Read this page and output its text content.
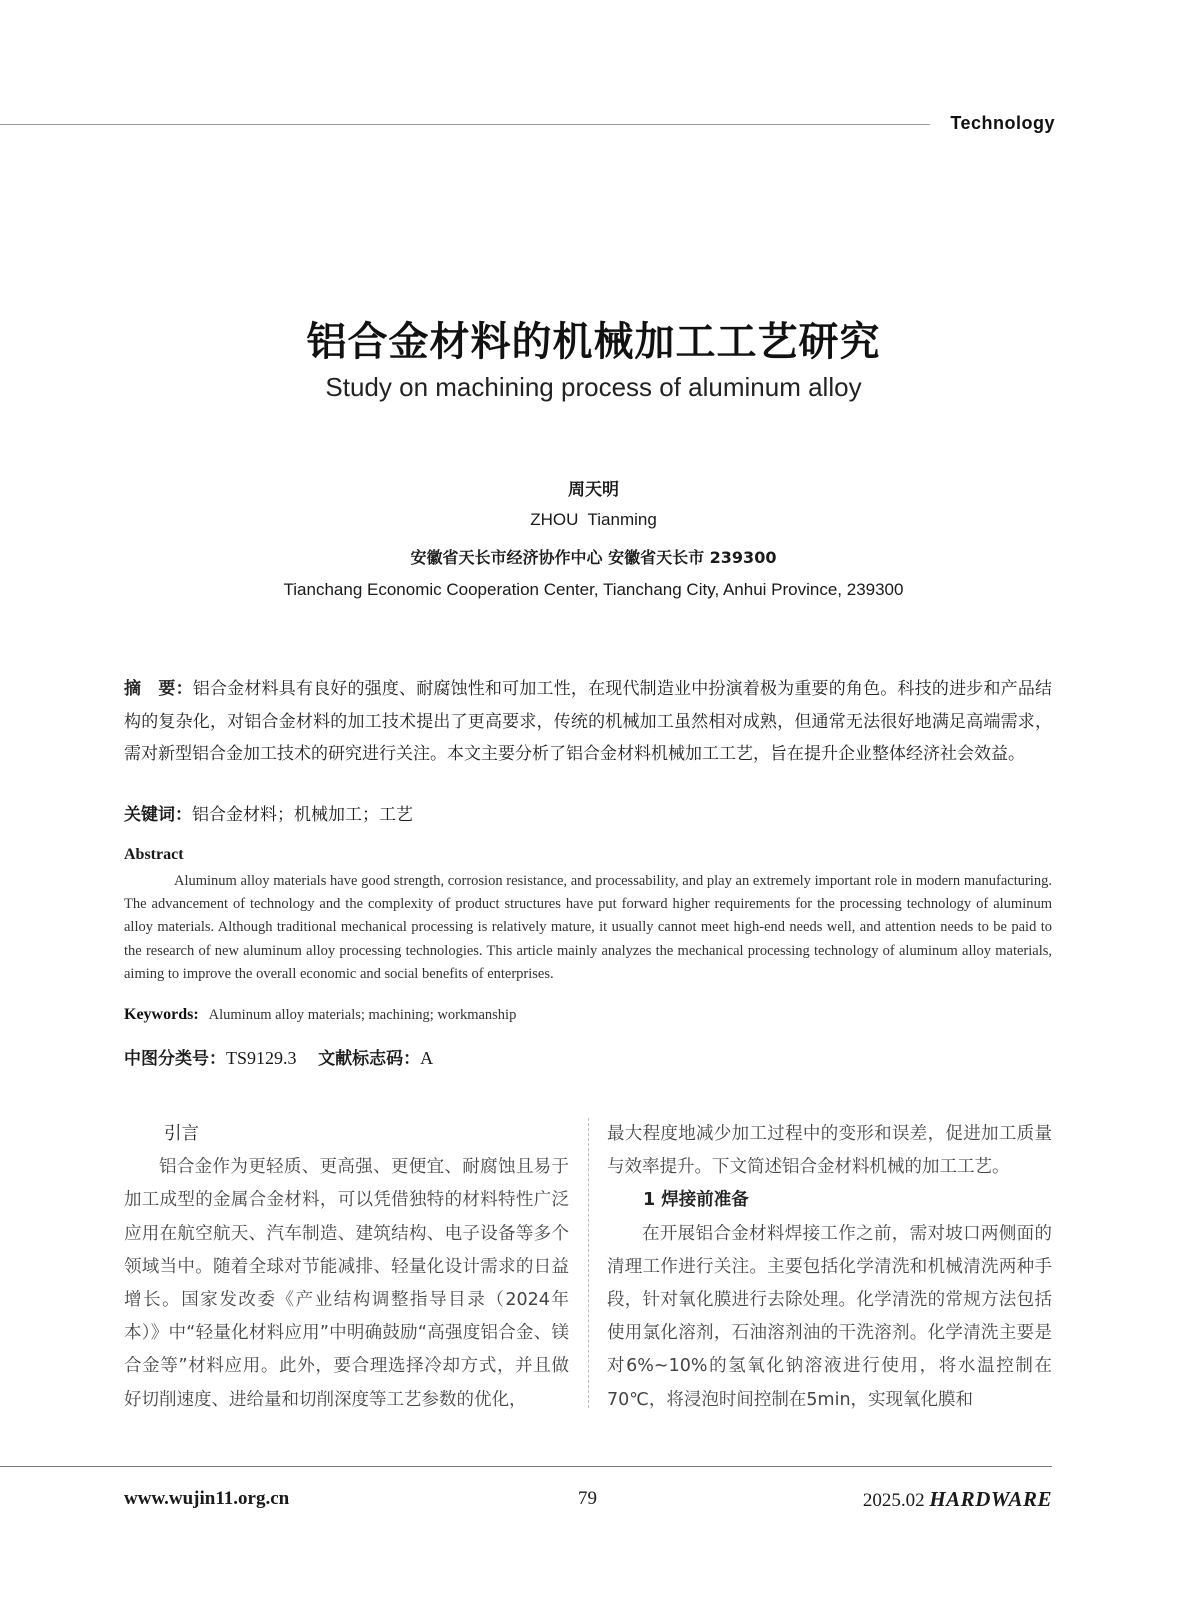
Technology
铝合金材料的机械加工工艺研究
Study on machining process of aluminum alloy
周天明
ZHOU  Tianming
安徽省天长市经济协作中心 安徽省天长市 239300
Tianchang Economic Cooperation Center, Tianchang City, Anhui Province, 239300
摘　要：铝合金材料具有良好的强度、耐腐蚀性和可加工性，在现代制造业中扮演着极为重要的角色。科技的进步和产品结构的复杂化，对铝合金材料的加工技术提出了更高要求，传统的机械加工虽然相对成熟，但通常无法很好地满足高端需求，需对新型铝合金加工技术的研究进行关注。本文主要分析了铝合金材料机械加工工艺，旨在提升企业整体经济社会效益。
关键词：铝合金材料；机械加工；工艺
Abstract
Aluminum alloy materials have good strength, corrosion resistance, and processability, and play an extremely important role in modern manufacturing. The advancement of technology and the complexity of product structures have put forward higher requirements for the processing technology of aluminum alloy materials. Although traditional mechanical processing is relatively mature, it usually cannot meet high-end needs well, and attention needs to be paid to the research of new aluminum alloy processing technologies. This article mainly analyzes the mechanical processing technology of aluminum alloy materials, aiming to improve the overall economic and social benefits of enterprises.
Keywords: Aluminum alloy materials; machining; workmanship
中图分类号：TS9129.3 文献标志码：A
引言

铝合金作为更轻质、更高强、更便宜、耐腐蚀且易于加工成型的金属合金材料，可以凭借独特的材料特性广泛应用在航空航天、汽车制造、建筑结构、电子设备等多个领域当中。随着全球对节能减排、轻量化设计需求的日益增长。国家发改委《产业结构调整指导目录（2024年本）》中“轻量化材料应用”中明确鼓励“高强度铝合金、镁合金等”材料应用。此外，要合理选择冷却方式，并且做好切削速度、进给量和切削深度等工艺参数的优化，

最大程度地减少加工过程中的变形和误差，促进加工质量与效率提升。下文简述铝合金材料机械的加工工艺。

1 焊接前准备

在开展铝合金材料焊接工作之前，需对坡口两侧面的清理工作进行关注。主要包括化学清洗和机械清洗两种手段，针对氧化膜进行去除处理。化学清洗的常规方法包括使用氯化溶剂，石油溶剂油的干洗溶剂。化学清洗主要是对6%~10%的氢氧化钠溶液进行使用，将水温控制在70℃，将浸泡时间控制在5min，实现氧化膜和

www.wujin11.org.cn	79	2025.02 HARDWARE
